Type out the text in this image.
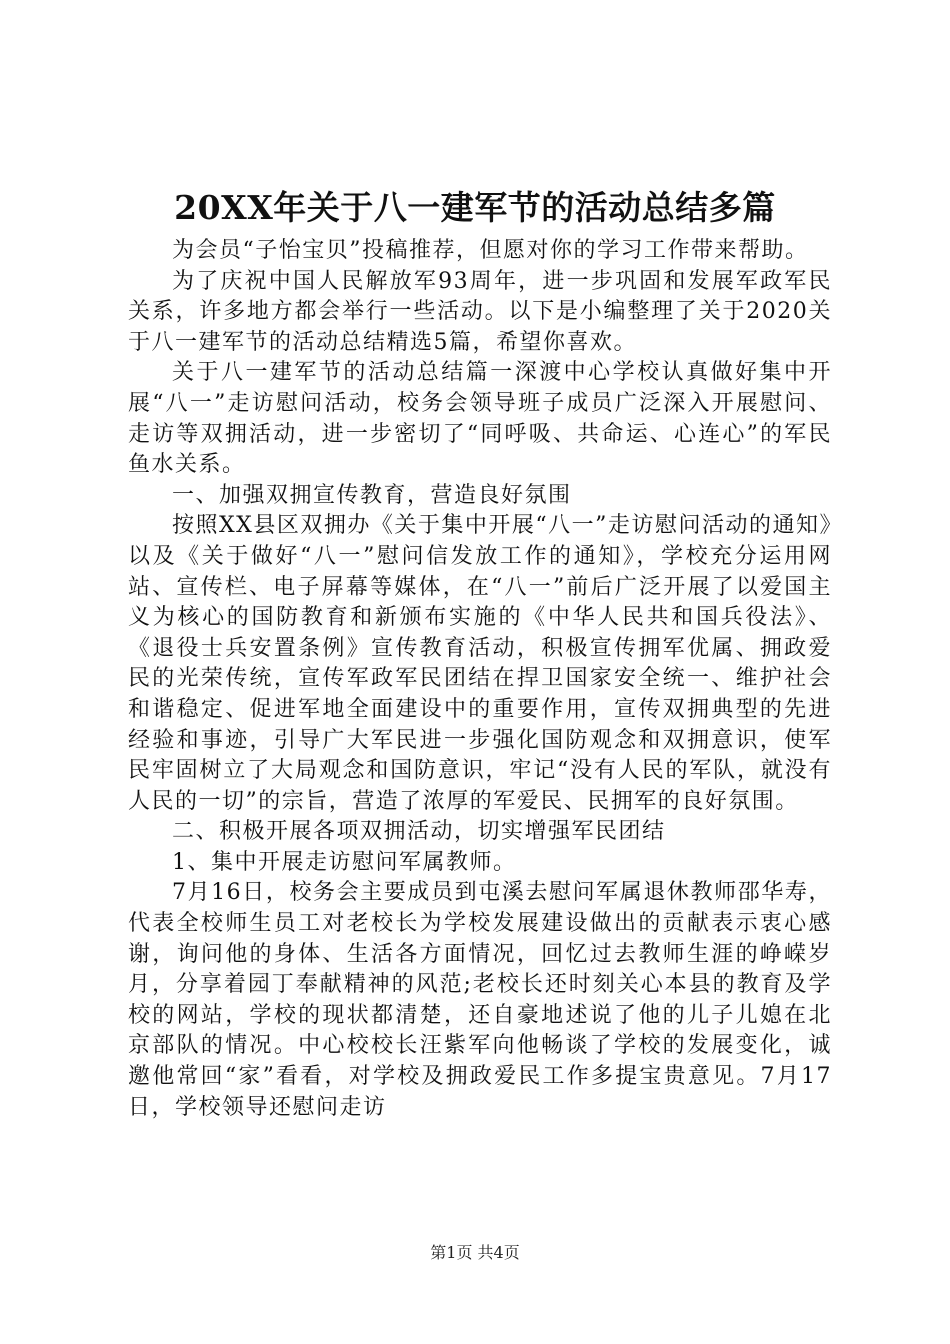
20XX年关于八一建军节的活动总结多篇

为会员“子怡宝贝”投稿推荐，但愿对你的学习工作带来帮助。

为了庆祝中国人民解放军93周年，进一步巩固和发展军政军民关系，许多地方都会举行一些活动。以下是小编整理了关于2020关于八一建军节的活动总结精选5篇，希望你喜欢。

关于八一建军节的活动总结篇一深渡中心学校认真做好集中开展“八一”走访慰问活动，校务会领导班子成员广泛深入开展慰问、走访等双拥活动，进一步密切了“同呼吸、共命运、心连心”的军民鱼水关系。

一、加强双拥宣传教育，营造良好氛围

按照XX县区双拥办《关于集中开展“八一”走访慰问活动的通知》以及《关于做好“八一”慰问信发放工作的通知》，学校充分运用网站、宣传栏、电子屏幕等媒体，在“八一”前后广泛开展了以爱国主义为核心的国防教育和新颁布实施的《中华人民共和国兵役法》、《退役士兵安置条例》宣传教育活动，积极宣传拥军优属、拥政爱民的光荣传统，宣传军政军民团结在捍卫国家安全统一、维护社会和谐稳定、促进军地全面建设中的重要作用，宣传双拥典型的先进经验和事迹，引导广大军民进一步强化国防观念和双拥意识，使军民牢固树立了大局观念和国防意识，牢记“没有人民的军队，就没有人民的一切”的宗旨，营造了浓厚的军爱民、民拥军的良好氛围。

二、积极开展各项双拥活动，切实增强军民团结

1、集中开展走访慰问军属教师。

7月16日，校务会主要成员到屯溪去慰问军属退休教师邵华寿，代表全校师生员工对老校长为学校发展建设做出的贡献表示衷心感谢，询问他的身体、生活各方面情况，回忆过去教师生涯的峥嵘岁月，分享着园丁奉献精神的风范;老校长还时刻关心本县的教育及学校的网站，学校的现状都清楚，还自豪地述说了他的儿子儿媳在北京部队的情况。中心校校长汪紫军向他畅谈了学校的发展变化，诚邀他常回“家”看看，对学校及拥政爱民工作多提宝贵意见。7月17日，学校领导还慰问走访

第1页 共4页
